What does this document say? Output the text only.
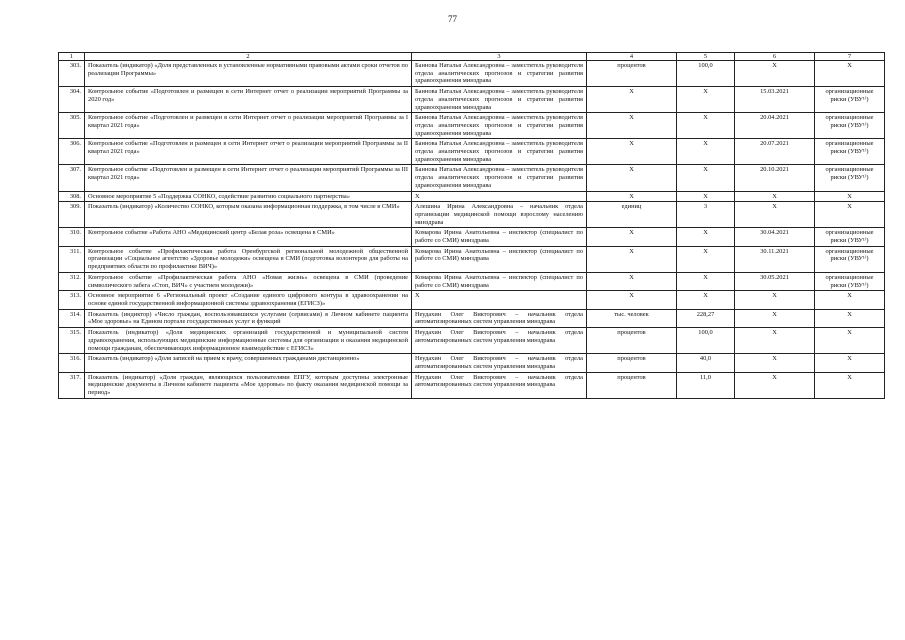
77
1	2	3	4	5	6	7
303.	Показатель (индикатор) «Доля представленных в установленные нормативными правовыми актами сроки отчетов по реализации Программы»	Баннова Наталья Александровна – заместитель руководителя отдела аналитических прогнозов и стратегии развития здравоохранения минздрава	процентов	100,0	X	X
304.	Контрольное событие «Подготовлен и размещен в сети Интернет отчет о реализации мероприятий Программы за 2020 год»	Баннова Наталья Александровна – заместитель руководителя отдела аналитических прогнозов и стратегии развития здравоохранения минздрава	X	X	15.03.2021	организационные риски (УВУ¹⁾)
305.	Контрольное событие «Подготовлен и размещен в сети Интернет отчет о реализации мероприятий Программы за I квартал 2021 года»	Баннова Наталья Александровна – заместитель руководителя отдела аналитических прогнозов и стратегии развития здравоохранения минздрава	X	X	20.04.2021	организационные риски (УВУ¹⁾)
306.	Контрольное событие «Подготовлен и размещен в сети Интернет отчет о реализации мероприятий Программы за II квартал 2021 года»	Баннова Наталья Александровна – заместитель руководителя отдела аналитических прогнозов и стратегии развития здравоохранения минздрава	X	X	20.07.2021	организационные риски (УВУ¹⁾)
307.	Контрольное событие «Подготовлен и размещен в сети Интернет отчет о реализации мероприятий Программы за III квартал 2021 года»	Баннова Наталья Александровна – заместитель руководителя отдела аналитических прогнозов и стратегии развития здравоохранения минздрава	X	X	20.10.2021	организационные риски (УВУ¹⁾)
308.	Основное мероприятие 5 «Поддержка СОНКО, содействие развитию социального партнерства»	X	X	X	X	X
309.	Показатель (индикатор) «Количество СОНКО, которым оказана информационная поддержка, в том числе в СМИ»	Алешина Ирина Александровна – начальник отдела организации медицинской помощи взрослому населению минздрава	единиц	3	X	X
310.	Контрольное событие «Работа АНО «Медицинский центр «Белая роза» освещена в СМИ»	Комарова Ирина Анатольевна – инспектор (специалист по работе со СМИ) минздрава	X	X	30.04.2021	организационные риски (УВУ¹⁾)
311.	Контрольное событие «Профилактическая работа Оренбургской региональной молодежной общественной организации «Социальное агентство «Здоровье молодежи» освещена в СМИ (подготовка волонтеров для работы на предприятиях области по профилактике ВИЧ)»	Комарова Ирина Анатольевна – инспектор (специалист по работе со СМИ) минздрава	X	X	30.11.2021	организационные риски (УВУ¹⁾)
312.	Контрольное событие «Профилактическая работа АНО «Новая жизнь» освещена в СМИ (проведение символического забега «Стоп, ВИЧ» с участием молодежи)»	Комарова Ирина Анатольевна – инспектор (специалист по работе со СМИ) минздрава	X	X	30.05.2021	организационные риски (УВУ¹⁾)
313.	Основное мероприятие 6 «Региональный проект «Создание единого цифрового контура в здравоохранении на основе единой государственной информационной системы здравоохранения (ЕГИСЗ)»	X	X	X	X	X
314.	Показатель (индиктор) «Число граждан, воспользовавшихся услугами (сервисами) в Личном кабинете пациента «Мое здоровье» на Едином портале государственных услуг и функций	Неудахин Олег Викторович – начальник отдела автоматизированных систем управления минздрава	тыс. человек	228,27	X	X
315.	Показатель (индикатор) «Доля медицинских организаций государственной и муниципальной систем здравоохранения, использующих медицинские информационные системы для организации и оказания медицинской помощи гражданам, обеспечивающих информационное взаимодействие с ЕГИСЗ»	Неудахин Олег Викторович – начальник отдела автоматизированных систем управления минздрава	процентов	100,0	X	X
316.	Показатель (индикатор) «Доля записей на прием к врачу, совершенных гражданами дистанционно»	Неудахин Олег Викторович – начальник отдела автоматизированных систем управления минздрава	процентов	40,0	X	X
317.	Показатель (индикатор) «Доля граждан, являющихся пользователями ЕПГУ, которым доступны электронные медицинские документы в Личном кабинете пациента «Мое здоровье» по факту оказания медицинской помощи за период»	Неудахин Олег Викторович – начальник отдела автоматизированных систем управления минздрава	процентов	11,0	X	X
